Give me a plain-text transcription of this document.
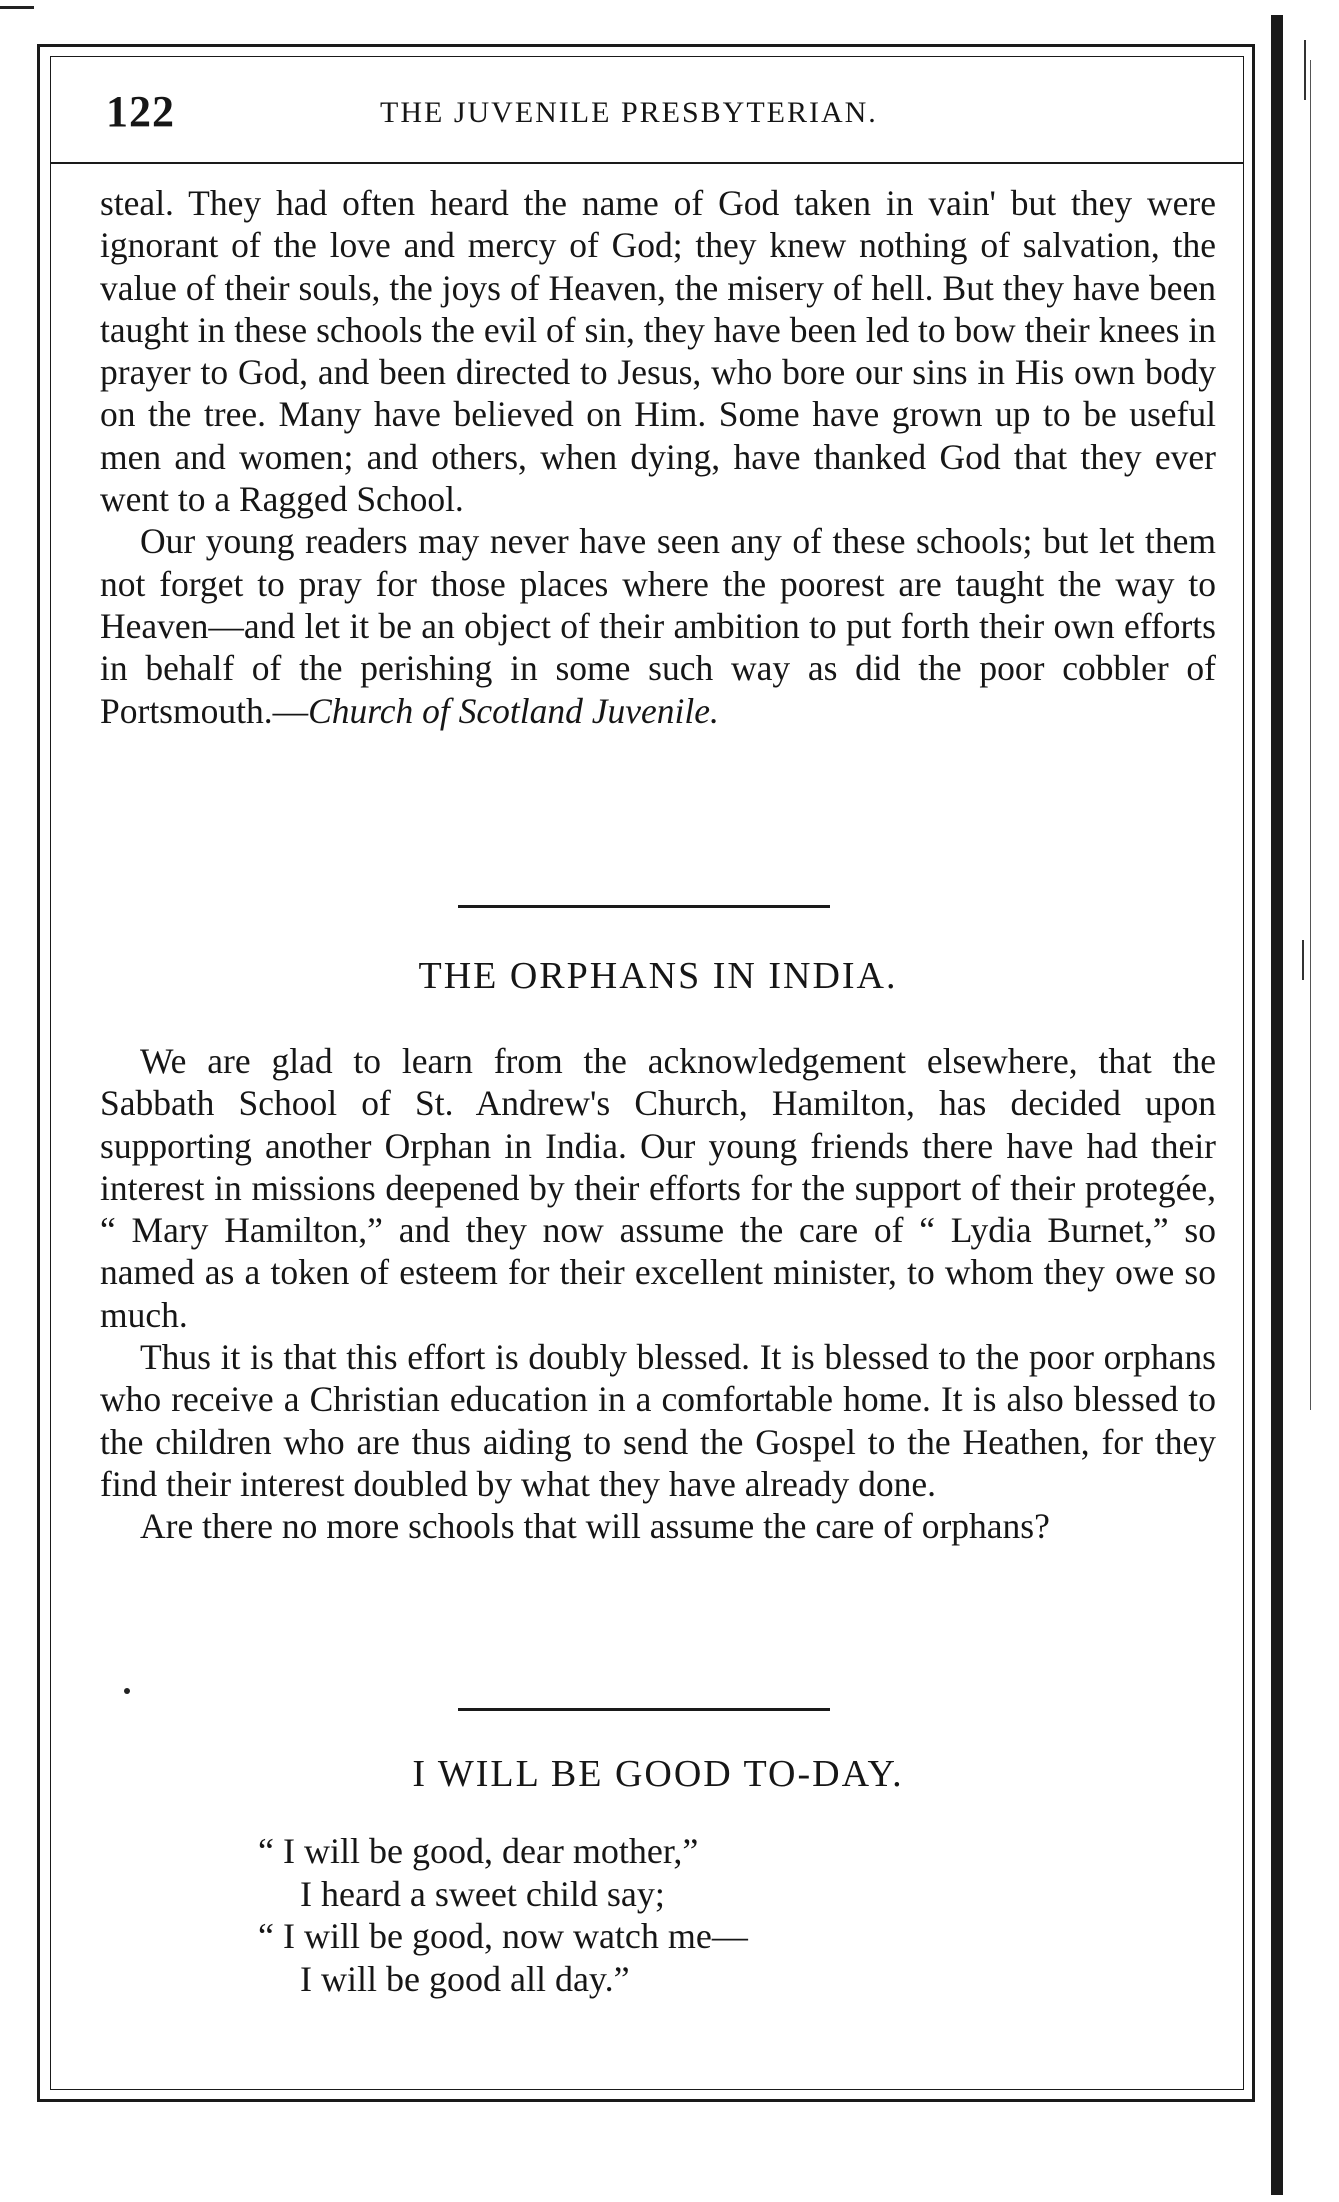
122	THE JUVENILE PRESBYTERIAN.

steal. They had often heard the name of God taken in vain' but they were ignorant of the love and mercy of God; they knew nothing of salvation, the value of their souls, the joys of Heaven, the misery of hell. But they have been taught in these schools the evil of sin, they have been led to bow their knees in prayer to God, and been directed to Jesus, who bore our sins in His own body on the tree. Many have believed on Him. Some have grown up to be useful men and women; and others, when dying, have thanked God that they ever went to a Ragged School.

Our young readers may never have seen any of these schools; but let them not forget to pray for those places where the poorest are taught the way to Heaven—and let it be an object of their ambition to put forth their own efforts in behalf of the perishing in some such way as did the poor cobbler of Portsmouth.—Church of Scotland Juvenile.

THE ORPHANS IN INDIA.

We are glad to learn from the acknowledgement elsewhere, that the Sabbath School of St. Andrew's Church, Hamilton, has decided upon supporting another Orphan in India. Our young friends there have had their interest in missions deepened by their efforts for the support of their protegée, “ Mary Hamilton,” and they now assume the care of “ Lydia Burnet,” so named as a token of esteem for their excellent minister, to whom they owe so much.

Thus it is that this effort is doubly blessed. It is blessed to the poor orphans who receive a Christian education in a comfortable home. It is also blessed to the children who are thus aiding to send the Gospel to the Heathen, for they find their interest doubled by what they have already done.

Are there no more schools that will assume the care of orphans?

I WILL BE GOOD TO-DAY.
“ I will be good, dear mother,”
I heard a sweet child say;
“ I will be good, now watch me—
I will be good all day.”
